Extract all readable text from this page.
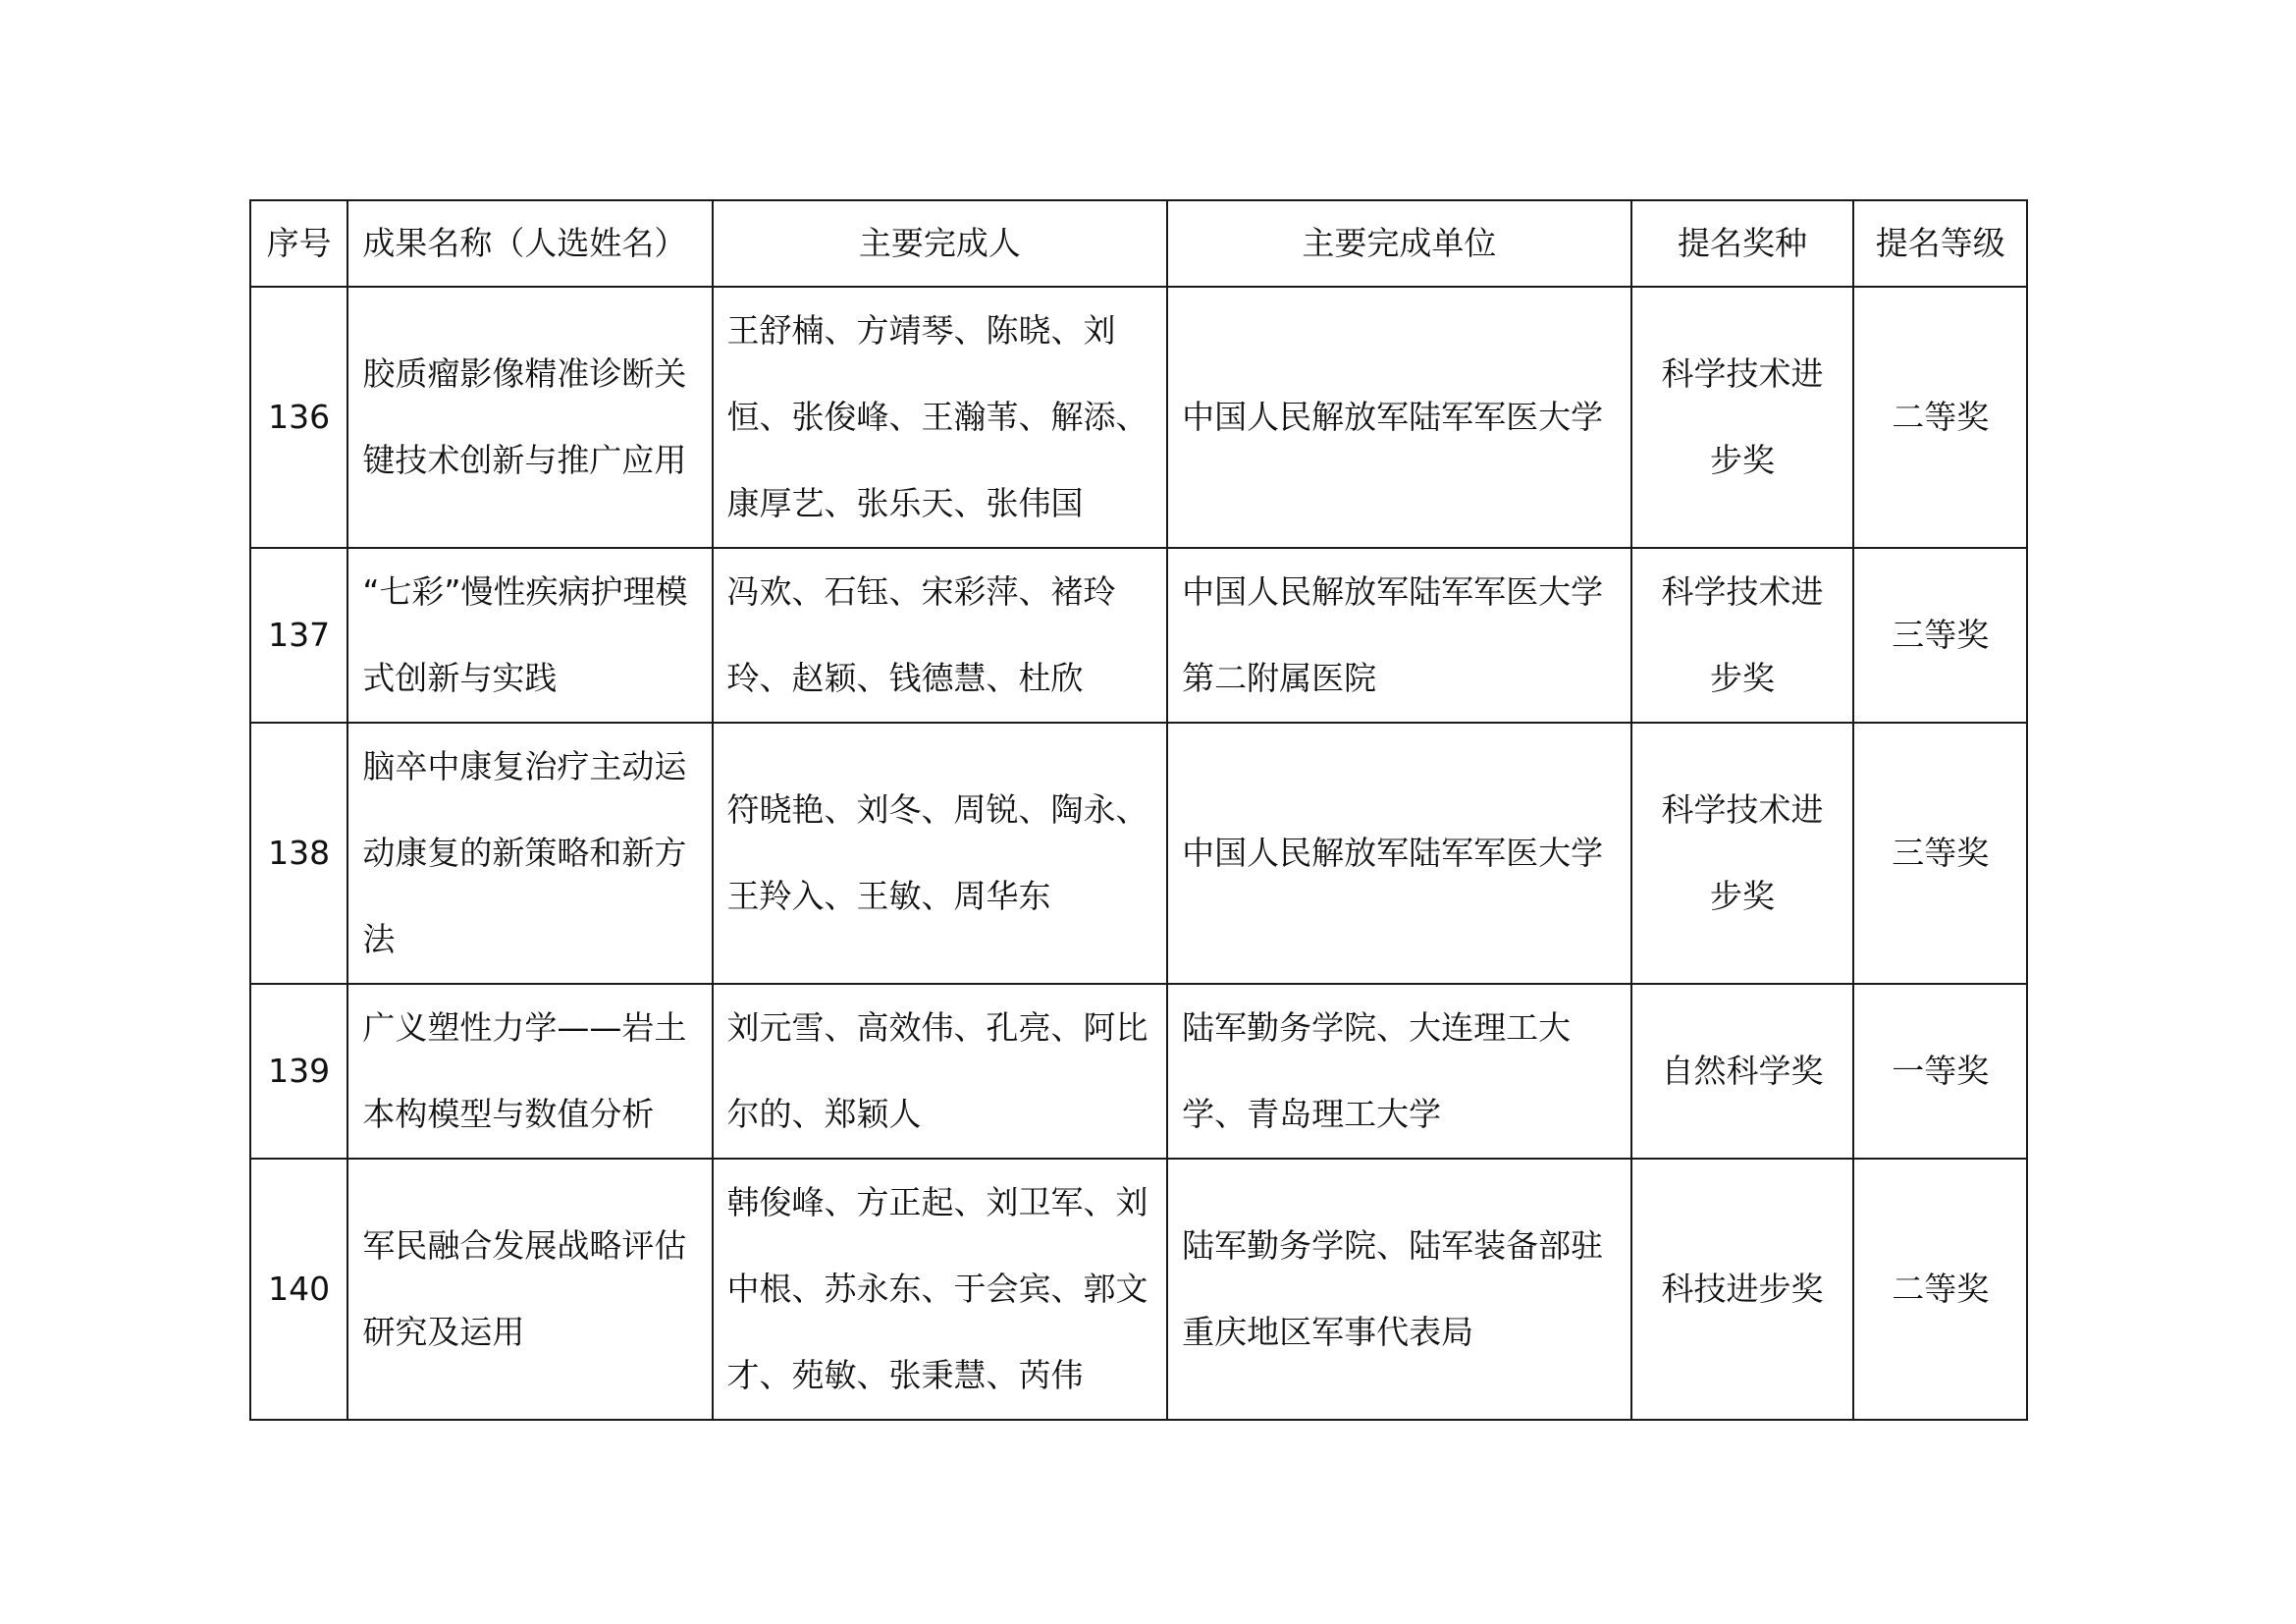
序号	成果名称（人选姓名）	主要完成人	主要完成单位	提名奖种	提名等级
136	胶质瘤影像精准诊断关键技术创新与推广应用	王舒楠、方靖琴、陈晓、刘恒、张俊峰、王瀚苇、解添、康厚艺、张乐天、张伟国	中国人民解放军陆军军医大学	科学技术进步奖	二等奖
137	“七彩”慢性疾病护理模式创新与实践	冯欢、石钰、宋彩萍、褚玲玲、赵颖、钱德慧、杜欣	中国人民解放军陆军军医大学第二附属医院	科学技术进步奖	三等奖
138	脑卒中康复治疗主动运动康复的新策略和新方法	符晓艳、刘冬、周锐、陶永、王羚入、王敏、周华东	中国人民解放军陆军军医大学	科学技术进步奖	三等奖
139	广义塑性力学——岩土本构模型与数值分析	刘元雪、高效伟、孔亮、阿比尔的、郑颖人	陆军勤务学院、大连理工大学、青岛理工大学	自然科学奖	一等奖
140	军民融合发展战略评估研究及运用	韩俊峰、方正起、刘卫军、刘中根、苏永东、于会宾、郭文才、苑敏、张秉慧、芮伟	陆军勤务学院、陆军装备部驻重庆地区军事代表局	科技进步奖	二等奖
